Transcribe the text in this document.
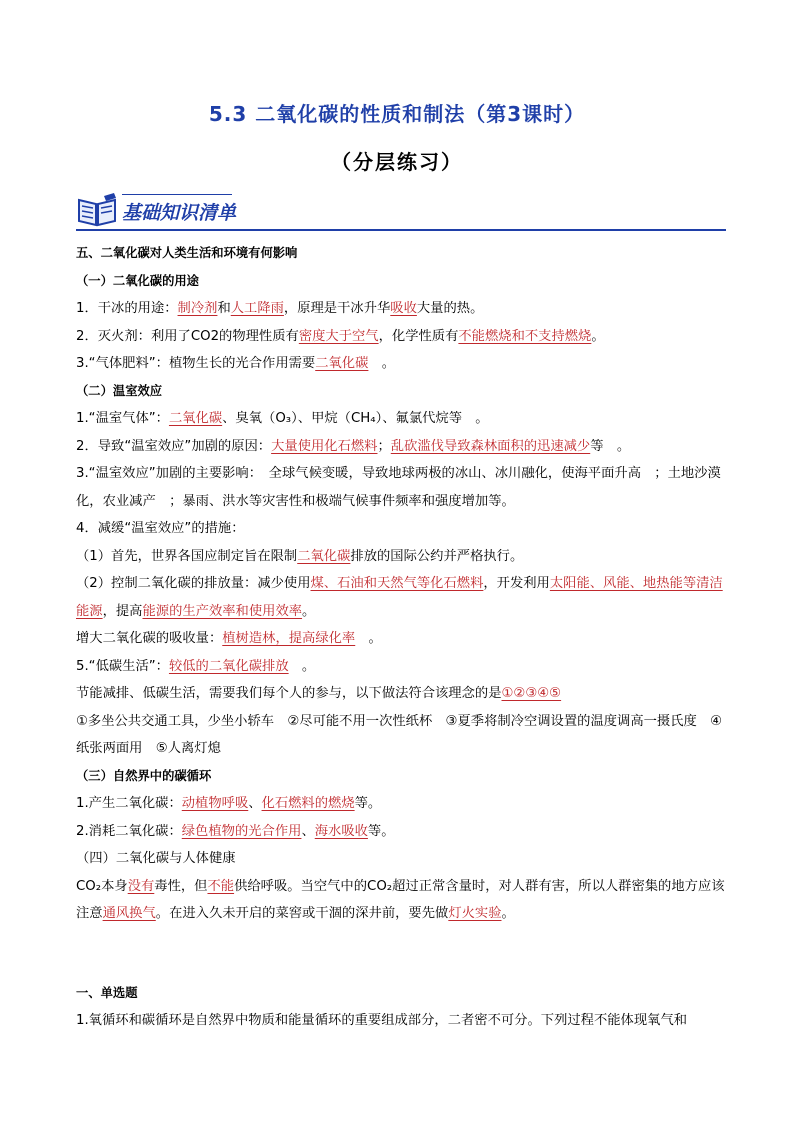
5.3 二氧化碳的性质和制法（第3课时）
（分层练习）
基础知识清单
五、二氧化碳对人类生活和环境有何影响
（一）二氧化碳的用途
1．干冰的用途：制冷剂和人工降雨，原理是干冰升华吸收大量的热。
2．灭火剂：利用了CO2的物理性质有密度大于空气，化学性质有不能燃烧和不支持燃烧。
3.“气体肥料”：植物生长的光合作用需要二氧化碳　。
（二）温室效应
1.“温室气体”：二氧化碳、臭氧（O₃）、甲烷（CH₄）、氟氯代烷等　。
2．导致“温室效应”加剧的原因：大量使用化石燃料；乱砍滥伐导致森林面积的迅速减少等　。
3.“温室效应”加剧的主要影响：　全球气候变暖，导致地球两极的冰山、冰川融化，使海平面升高　；土地沙漠化，农业减产　；暴雨、洪水等灾害性和极端气候事件频率和强度增加等。
4．减缓“温室效应”的措施：
（1）首先，世界各国应制定旨在限制二氧化碳排放的国际公约并严格执行。
（2）控制二氧化碳的排放量：减少使用煤、石油和天然气等化石燃料，开发利用太阳能、风能、地热能等清洁能源，提高能源的生产效率和使用效率。
增大二氧化碳的吸收量：植树造林，提高绿化率　。
5.“低碳生活”：较低的二氧化碳排放　。
节能减排、低碳生活，需要我们每个人的参与，以下做法符合该理念的是①②③④⑤
①多坐公共交通工具，少坐小轿车　②尽可能不用一次性纸杯　③夏季将制冷空调设置的温度调高一摄氏度　④纸张两面用　⑤人离灯熄
（三）自然界中的碳循环
1.产生二氧化碳：动植物呼吸、化石燃料的燃烧等。
2.消耗二氧化碳：绿色植物的光合作用、海水吸收等。
（四）二氧化碳与人体健康
CO₂本身没有毒性，但不能供给呼吸。当空气中的CO₂超过正常含量时，对人群有害，所以人群密集的地方应该注意通风换气。在进入久未开启的菜窖或干涸的深井前，要先做灯火实验。
一、单选题
1.氧循环和碳循环是自然界中物质和能量循环的重要组成部分，二者密不可分。下列过程不能体现氧气和
